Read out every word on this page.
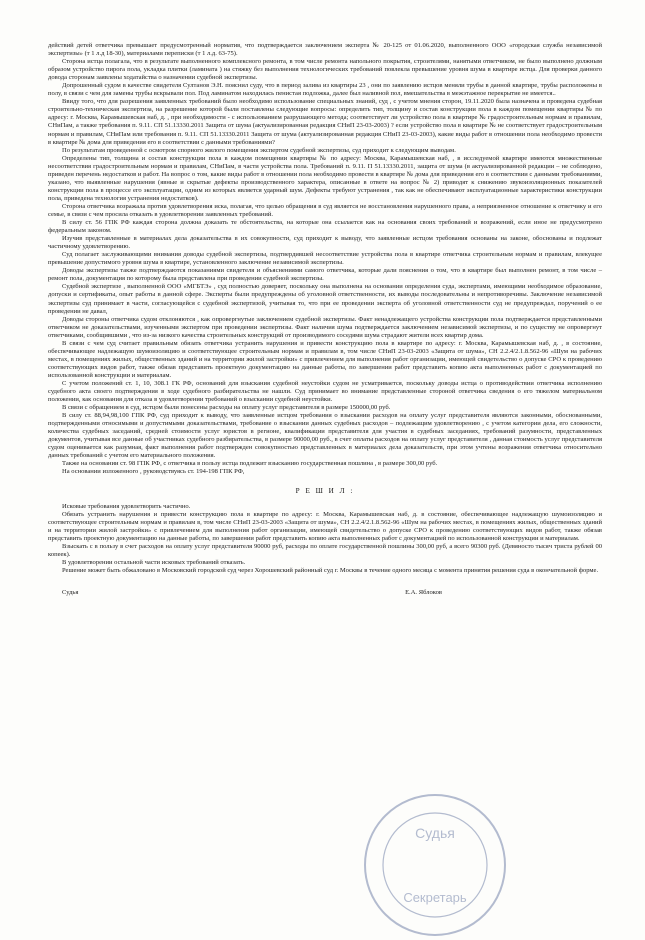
действий детей ответчика превышает предусмотренный норматив, что подтверждается заключением эксперта № 20-125 от 01.06.2020, выполненного ООО «городская служба независимой экспертизы» (т 1 л.д 18-30), материалами переписки (т 1 л.д. 63-75).

Сторона истца полагала, что в результате выполненного комплексного ремонта, в том числе ремонта напольного покрытия, строителями, нанятыми ответчиком, не было выполнено должным образом устройство пирога пола, укладка плитки (ламината ) на стяжку без выполнения технологических требований повлекла превышение уровня шума в квартире истца. Для проверки данного довода сторонам заявлены ходатайства о назначении судебной экспертизы.

Допрошенный судом в качестве свидетеля Султанов Э.Н. пояснил суду, что в период залива из квартиры 23 , они по заявлению истцов меняли трубы в данной квартире, трубы расположены в полу, в связи с чем для замены трубы вскрывали пол. Под ламинатом находилась пенистая подложка, далее был наливной пол, вмешательства в межэтажное перекрытие не имеется..

Ввиду того, что для разрешения заявленных требований было необходимо использование специальных знаний, суд , с учетом мнения сторон, 19.11.2020 была назначена и проведена судебная строительно-техническая экспертиза, на разрешение которой были поставлены следующие вопросы: определить тип, толщину и состав конструкции пола в каждом помещении квартиры № по адресу: г. Москва, Карамышевская наб, д. , при необходимости - с использованием разрушающего метода; соответствует ли устройство пола в квартире № градостроительным нормам и правилам, СНиПам, а также требования п. 9.11. СП 51.13330.2011 Защита от шума (актуализированная редакция СНиП 23-03-2003) ? если устройство пола в квартире № не соответствует градостроительным нормам и правилам, СНиПам или требования п. 9.11. СП 51.13330.2011 Защита от шума (актуализированная редакция СНиП 23-03-2003), какие виды работ в отношении пола необходимо провести в квартире № дома для приведения его в соответствии с данными требованиями?

По результатам проведенной с осмотром спорного жилого помещения экспертом судебной экспертизы, суд приходит к следующим выводам.

Определены тип, толщина и состав конструкции пола в каждом помещении квартиры № по адресу: Москва, Карамышевская наб, , в исследуемой квартире имеются множественные несоответствия градостроительным нормам и правилам, СНиПам, в части устройства пола. Требований п. 9.11. П 51.13330.2011, защита от шума (в актуализированной редакции – не соблюдено, приведен перечень недостатков и работ. На вопрос о том, какие виды работ в отношении пола необходимо провести в квартире № дома для приведения его в соответствии с данными требованиями, указано, что выявленные нарушения (явные и скрытые дефекты производственного характера, описанные в ответе на вопрос № 2) приводят к снижению звукоизоляционных показателей конструкции пола в процессе его эксплуатации, одним из которых является ударный шум. Дефекты требуют устранения , так как не обеспечивают эксплуатационные характеристики конструкции пола, приведена технология устранения недостатков).

Сторона ответчика возражала против удовлетворения иска, полагая, что целью обращения в суд является не восстановления нарушенного права, а неприязненное отношение к ответчику и его семье, в связи с чем просила отказать в удовлетворении заявленных требований.

В силу ст. 56 ГПК РФ каждая сторона должна доказать те обстоятельства, на которые она ссылается как на основания своих требований и возражений, если иное не предусмотрено федеральным законом.

Изучив представленные в материалах дела доказательства в их совокупности, суд приходит к выводу, что заявленные истцом требования основаны на законе, обоснованы и подлежат частичному удовлетворению.

Суд полагает заслуживающими внимания доводы судебной экспертизы, подтвердившей несоответствие устройства пола в квартире ответчика строительным нормам и правилам, влекущее превышение допустимого уровня шума в квартире, установленного заключение независимой экспертизы.

Доводы экспертизы также подтверждаются показаниями свидетеля и объяснениями самого ответчика, которые дали пояснения о том, что в квартире был выполнен ремонт, в том числе – ремонт пола, документация по которому была представлена при проведении судебной экспертизы.

Судебной экспертизе , выполненной ООО «МГБТЭ» , суд полностью доверяет, поскольку она выполнена на основании определения суда, экспертами, имеющими необходимое образование, допуски и сертификаты, опыт работы в данной сфере. Эксперты были предупреждены об уголовной ответственности, их выводы последовательны и непротиворечивы. Заключение независимой экспертизы суд принимает в части, согласующейся с судебной экспертизой, учитывая то, что при ее проведении эксперта об уголовной ответственности суд не предупреждал, поручений о ее проведении не давал,

Доводы стороны ответчика судом отклоняются , как опровергнутые заключением судебной экспертизы. Факт ненадлежащего устройства конструкции пола подтверждается представленными ответчиком не доказательствами, изученными экспертом при проведении экспертизы. Факт наличия шума подтверждается заключением независимой экспертизы, и по существу не опровергнут ответчиками, сообщившими , что из-за низкого качества строительных конструкций от производимого соседями шума страдают жители всех квартир дома.

В связи с чем суд считает правильным обязать ответчика устранить нарушения и привести конструкцию пола в квартире по адресу: г. Москва, Карамышевская наб, д. , в состояние, обеспечивающее надлежащую шумоизоляцию и соответствующее строительным нормам и правилам в, том числе СНиП 23-03-2003 «Защита от шума», СН 2.2.4/2.1.8.562-96 «Шум на рабочих местах, в помещениях жилых, общественных зданий и на территории жилой застройки» с привлечением для выполнения работ организации, имеющей свидетельство о допуске СРО к проведению соответствующих видов работ, также обязав представить проектную документацию на данные работы, по завершении работ представить копию акта выполненных работ с документацией по использованной конструкции и материалам.

С учетом положений ст. 1, 10, 308.1 ГК РФ, оснований для взыскания судебной неустойки судом не усматривается, поскольку доводы истца о противодействии ответчика исполнению судебного акта своего подтверждения в ходе судебного разбирательства не нашли. Суд принимает во внимание представленные стороной ответчика сведения о его тяжелом материальном положении, как основания для отказа в удовлетворении требований о взыскании судебной неустойки.

В связи с обращением в суд, истцом были понесены расходы на оплату услуг представителя в размере 150000,00 руб.

В силу ст. 88,94,98,100 ГПК РФ, суд приходит к выводу, что заявленные истцом требования о взыскании расходов на оплату услуг представителя являются законными, обоснованными, подтвержденными относимыми и допустимыми доказательствами, требование о взыскании данных судебных расходов – подлежащим удовлетворению , с учетом категории дела, его сложности, количества судебных заседаний, средней стоимости услуг юристов в регионе, квалификации представителя для участия в судебных заседаниях, требований разумности, представленных документов, учитывая все данные об участниках судебного разбирательства, в размере 90000,00 руб., в счет оплаты расходов на оплату услуг представителя , данная стоимость услуг представителя судом оценивается как разумная, факт выполнения работ подтвержден совокупностью представленных в материалах дела доказательств, при этом учтены возражения ответчика относительно данных требований с учетом его материального положения.

Также на основании ст. 98 ГПК РФ, с ответчика в пользу истца подлежит взысканию государственная пошлина , в размере 300,00 руб.

На основании изложенного , руководствуясь ст. 194-198 ГПК РФ,

Р Е Ш И Л :

Исковые требования удовлетворить частично.

Обязать устранить нарушения и привести конструкцию пола в квартире по адресу: г. Москва, Карамышевская наб, д. в состояние, обеспечивающее надлежащую шумоизоляцию и соответствующее строительным нормам и правилам в, том числе СНиП 23-03-2003 «Защита от шума», СН 2.2.4/2.1.8.562-96 «Шум на рабочих местах, в помещениях жилых, общественных зданий и на территории жилой застройки» с привлечением для выполнения работ организации, имеющей свидетельство о допуске СРО к проведению соответствующих видов работ, также обязав представить проектную документацию на данные работы, по завершении работ представить копию акта выполненных работ с документацией по использованной конструкции и материалам.

Взыскать с в пользу в счет расходов на оплату услуг представителя 90000 руб, расходы по оплате государственной пошлины 300,00 руб, а всего 90300 руб. (Девяносто тысяч триста рублей 00 копеек).

В удовлетворении остальной части исковых требований отказать.

Решение может быть обжаловано в Московский городской суд через Хорошевский районный суд г. Москвы в течение одного месяца с момента принятия решения суда в окончательной форме.

Судья	Е.А. Яблоков
Судья
Секретарь
